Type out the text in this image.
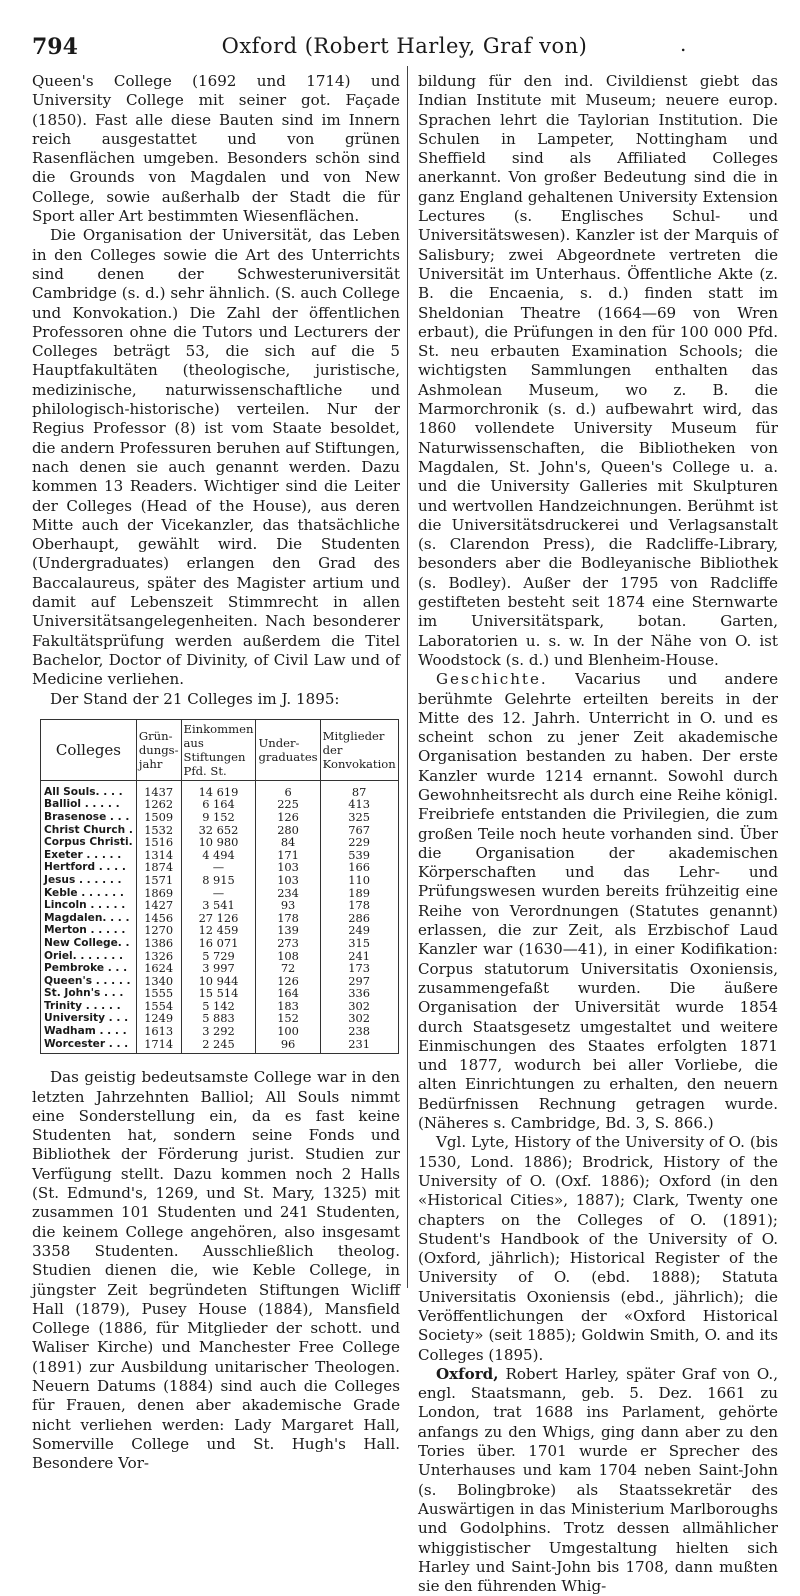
794	Oxford (Robert Harley, Graf von)	.

Queen's College (1692 und 1714) und University College mit seiner got. Façade (1850). Fast alle diese Bauten sind im Innern reich ausgestattet und von grünen Rasenflächen umgeben. Besonders schön sind die Grounds von Magdalen und von New College, sowie außerhalb der Stadt die für Sport aller Art bestimmten Wiesenflächen.

Die Organisation der Universität, das Leben in den Colleges sowie die Art des Unterrichts sind denen der Schwesteruniversität Cambridge (s. d.) sehr ähnlich. (S. auch College und Konvokation.) Die Zahl der öffentlichen Professoren ohne die Tutors und Lecturers der Colleges beträgt 53, die sich auf die 5 Hauptfakultäten (theologische, juristische, medizinische, naturwissenschaftliche und philologisch-historische) verteilen. Nur der Regius Professor (8) ist vom Staate besoldet, die andern Professuren beruhen auf Stiftungen, nach denen sie auch genannt werden. Dazu kommen 13 Readers. Wichtiger sind die Leiter der Colleges (Head of the House), aus deren Mitte auch der Vicekanzler, das thatsächliche Oberhaupt, gewählt wird. Die Studenten (Undergraduates) erlangen den Grad des Baccalaureus, später des Magister artium und damit auf Lebenszeit Stimmrecht in allen Universitätsangelegenheiten. Nach besonderer Fakultätsprüfung werden außerdem die Titel Bachelor, Doctor of Divinity, of Civil Law und of Medicine verliehen.

Der Stand der 21 Colleges im J. 1895:

Colleges	Grün-dungs-jahr	Einkommen aus Stiftungen Pfd. St.	Under-graduates	Mitglieder der Konvokation
All Souls. . . .	1437	14 619	6	87
Balliol . . . . .	1262	6 164	225	413
Brasenose . . .	1509	9 152	126	325
Christ Church .	1532	32 652	280	767
Corpus Christi.	1516	10 980	84	229
Exeter . . . . .	1314	4 494	171	539
Hertford . . . .	1874	—	103	166
Jesus . . . . . .	1571	8 915	103	110
Keble . . . . . .	1869	—	234	189
Lincoln . . . . .	1427	3 541	93	178
Magdalen. . . .	1456	27 126	178	286
Merton . . . . .	1270	12 459	139	249
New College. .	1386	16 071	273	315
Oriel. . . . . . .	1326	5 729	108	241
Pembroke . . .	1624	3 997	72	173
Queen's . . . . .	1340	10 944	126	297
St. John's . . .	1555	15 514	164	336
Trinity . . . . .	1554	5 142	183	302
University . . .	1249	5 883	152	302
Wadham . . . .	1613	3 292	100	238
Worcester . . .	1714	2 245	96	231

Das geistig bedeutsamste College war in den letzten Jahrzehnten Balliol; All Souls nimmt eine Sonderstellung ein, da es fast keine Studenten hat, sondern seine Fonds und Bibliothek der Förderung jurist. Studien zur Verfügung stellt. Dazu kommen noch 2 Halls (St. Edmund's, 1269, und St. Mary, 1325) mit zusammen 101 Studenten und 241 Studenten, die keinem College angehören, also insgesamt 3358 Studenten. Ausschließlich theolog. Studien dienen die, wie Keble College, in jüngster Zeit begründeten Stiftungen Wicliff Hall (1879), Pusey House (1884), Mansfield College (1886, für Mitglieder der schott. und Waliser Kirche) und Manchester Free College (1891) zur Ausbildung unitarischer Theologen. Neuern Datums (1884) sind auch die Colleges für Frauen, denen aber akademische Grade nicht verliehen werden: Lady Margaret Hall, Somerville College und St. Hugh's Hall. Besondere Vor-

bildung für den ind. Civildienst giebt das Indian Institute mit Museum; neuere europ. Sprachen lehrt die Taylorian Institution. Die Schulen in Lampeter, Nottingham und Sheffield sind als Affiliated Colleges anerkannt. Von großer Bedeutung sind die in ganz England gehaltenen University Extension Lectures (s. Englisches Schul- und Universitätswesen). Kanzler ist der Marquis of Salisbury; zwei Abgeordnete vertreten die Universität im Unterhaus. Öffentliche Akte (z. B. die Encaenia, s. d.) finden statt im Sheldonian Theatre (1664—69 von Wren erbaut), die Prüfungen in den für 100 000 Pfd. St. neu erbauten Examination Schools; die wichtigsten Sammlungen enthalten das Ashmolean Museum, wo z. B. die Marmorchronik (s. d.) aufbewahrt wird, das 1860 vollendete University Museum für Naturwissenschaften, die Bibliotheken von Magdalen, St. John's, Queen's College u. a. und die University Galleries mit Skulpturen und wertvollen Handzeichnungen. Berühmt ist die Universitätsdruckerei und Verlagsanstalt (s. Clarendon Press), die Radcliffe-Library, besonders aber die Bodleyanische Bibliothek (s. Bodley). Außer der 1795 von Radcliffe gestifteten besteht seit 1874 eine Sternwarte im Universitätspark, botan. Garten, Laboratorien u. s. w. In der Nähe von O. ist Woodstock (s. d.) und Blenheim-House.

Geschichte. Vacarius und andere berühmte Gelehrte erteilten bereits in der Mitte des 12. Jahrh. Unterricht in O. und es scheint schon zu jener Zeit akademische Organisation bestanden zu haben. Der erste Kanzler wurde 1214 ernannt. Sowohl durch Gewohnheitsrecht als durch eine Reihe königl. Freibriefe entstanden die Privilegien, die zum großen Teile noch heute vorhanden sind. Über die Organisation der akademischen Körperschaften und das Lehr- und Prüfungswesen wurden bereits frühzeitig eine Reihe von Verordnungen (Statutes genannt) erlassen, die zur Zeit, als Erzbischof Laud Kanzler war (1630—41), in einer Kodifikation: Corpus statutorum Universitatis Oxoniensis, zusammengefaßt wurden. Die äußere Organisation der Universität wurde 1854 durch Staatsgesetz umgestaltet und weitere Einmischungen des Staates erfolgten 1871 und 1877, wodurch bei aller Vorliebe, die alten Einrichtungen zu erhalten, den neuern Bedürfnissen Rechnung getragen wurde. (Näheres s. Cambridge, Bd. 3, S. 866.)

Vgl. Lyte, History of the University of O. (bis 1530, Lond. 1886); Brodrick, History of the University of O. (Oxf. 1886); Oxford (in den «Historical Cities», 1887); Clark, Twenty one chapters on the Colleges of O. (1891); Student's Handbook of the University of O. (Oxford, jährlich); Historical Register of the University of O. (ebd. 1888); Statuta Universitatis Oxoniensis (ebd., jährlich); die Veröffentlichungen der «Oxford Historical Society» (seit 1885); Goldwin Smith, O. and its Colleges (1895).

Oxford, Robert Harley, später Graf von O., engl. Staatsmann, geb. 5. Dez. 1661 zu London, trat 1688 ins Parlament, gehörte anfangs zu den Whigs, ging dann aber zu den Tories über. 1701 wurde er Sprecher des Unterhauses und kam 1704 neben Saint-John (s. Bolingbroke) als Staatssekretär des Auswärtigen in das Ministerium Marlboroughs und Godolphins. Trotz dessen allmählicher whiggistischer Umgestaltung hielten sich Harley und Saint-John bis 1708, dann mußten sie den führenden Whig-
